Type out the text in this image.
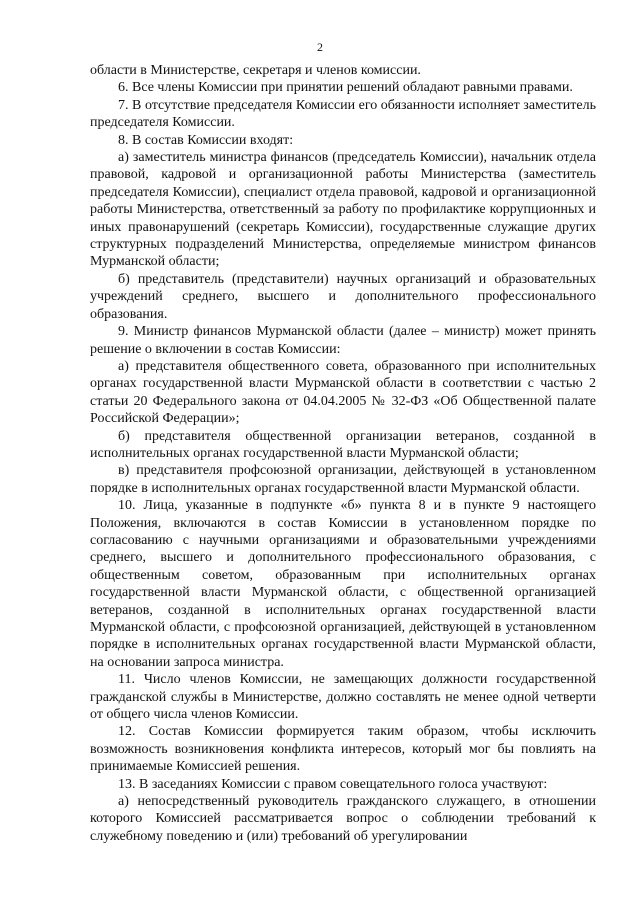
2

области в Министерстве, секретаря и членов комиссии.

6. Все члены Комиссии при принятии решений обладают равными правами.

7. В отсутствие председателя Комиссии его обязанности исполняет заместитель председателя Комиссии.

8. В состав Комиссии входят:

а) заместитель министра финансов (председатель Комиссии), начальник отдела правовой, кадровой и организационной работы Министерства (заместитель председателя Комиссии), специалист отдела правовой, кадровой и организационной работы Министерства, ответственный за работу по профилактике коррупционных и иных правонарушений (секретарь Комиссии), государственные служащие других структурных подразделений Министерства, определяемые министром финансов Мурманской области;

б) представитель (представители) научных организаций и образовательных учреждений среднего, высшего и дополнительного профессионального образования.

9. Министр финансов Мурманской области (далее – министр) может принять решение о включении в состав Комиссии:

а) представителя общественного совета, образованного при исполнительных органах государственной власти Мурманской области в соответствии с частью 2 статьи 20 Федерального закона от 04.04.2005 № 32-ФЗ «Об Общественной палате Российской Федерации»;

б) представителя общественной организации ветеранов, созданной в исполнительных органах государственной власти Мурманской области;

в) представителя профсоюзной организации, действующей в установленном порядке в исполнительных органах государственной власти Мурманской области.

10. Лица, указанные в подпункте «б» пункта 8 и в пункте 9 настоящего Положения, включаются в состав Комиссии в установленном порядке по согласованию с научными организациями и образовательными учреждениями среднего, высшего и дополнительного профессионального образования, с общественным советом, образованным при исполнительных органах государственной власти Мурманской области, с общественной организацией ветеранов, созданной в исполнительных органах государственной власти Мурманской области, с профсоюзной организацией, действующей в установленном порядке в исполнительных органах государственной власти Мурманской области, на основании запроса министра.

11. Число членов Комиссии, не замещающих должности государственной гражданской службы в Министерстве, должно составлять не менее одной четверти от общего числа членов Комиссии.

12. Состав Комиссии формируется таким образом, чтобы исключить возможность возникновения конфликта интересов, который мог бы повлиять на принимаемые Комиссией решения.

13. В заседаниях Комиссии с правом совещательного голоса участвуют:

а) непосредственный руководитель гражданского служащего, в отношении которого Комиссией рассматривается вопрос о соблюдении требований к служебному поведению и (или) требований об урегулировании
